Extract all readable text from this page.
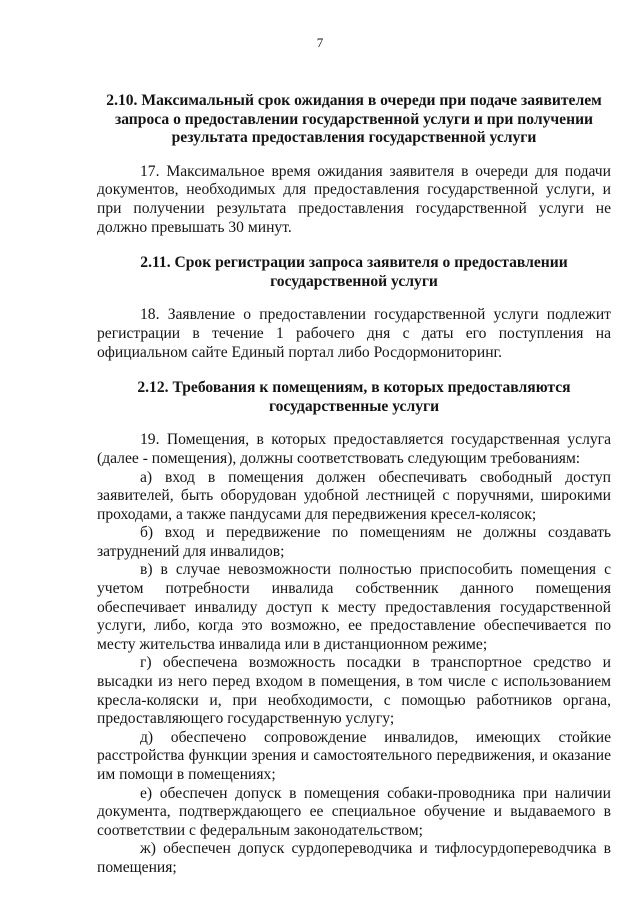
7

2.10. Максимальный срок ожидания в очереди при подаче заявителем запроса о предоставлении государственной услуги и при получении результата предоставления государственной услуги

17. Максимальное время ожидания заявителя в очереди для подачи документов, необходимых для предоставления государственной услуги, и при получении результата предоставления государственной услуги не должно превышать 30 минут.

2.11. Срок регистрации запроса заявителя о предоставлении государственной услуги

18. Заявление о предоставлении государственной услуги подлежит регистрации в течение 1 рабочего дня с даты его поступления на официальном сайте Единый портал либо Росдормониторинг.

2.12. Требования к помещениям, в которых предоставляются государственные услуги

19. Помещения, в которых предоставляется государственная услуга (далее - помещения), должны соответствовать следующим требованиям:

а) вход в помещения должен обеспечивать свободный доступ заявителей, быть оборудован удобной лестницей с поручнями, широкими проходами, а также пандусами для передвижения кресел-колясок;

б) вход и передвижение по помещениям не должны создавать затруднений для инвалидов;

в) в случае невозможности полностью приспособить помещения с учетом потребности инвалида собственник данного помещения обеспечивает инвалиду доступ к месту предоставления государственной услуги, либо, когда это возможно, ее предоставление обеспечивается по месту жительства инвалида или в дистанционном режиме;

г) обеспечена возможность посадки в транспортное средство и высадки из него перед входом в помещения, в том числе с использованием кресла-коляски и, при необходимости, с помощью работников органа, предоставляющего государственную услугу;

д) обеспечено сопровождение инвалидов, имеющих стойкие расстройства функции зрения и самостоятельного передвижения, и оказание им помощи в помещениях;

е) обеспечен допуск в помещения собаки-проводника при наличии документа, подтверждающего ее специальное обучение и выдаваемого в соответствии с федеральным законодательством;

ж) обеспечен допуск сурдопереводчика и тифлосурдопереводчика в помещения;
